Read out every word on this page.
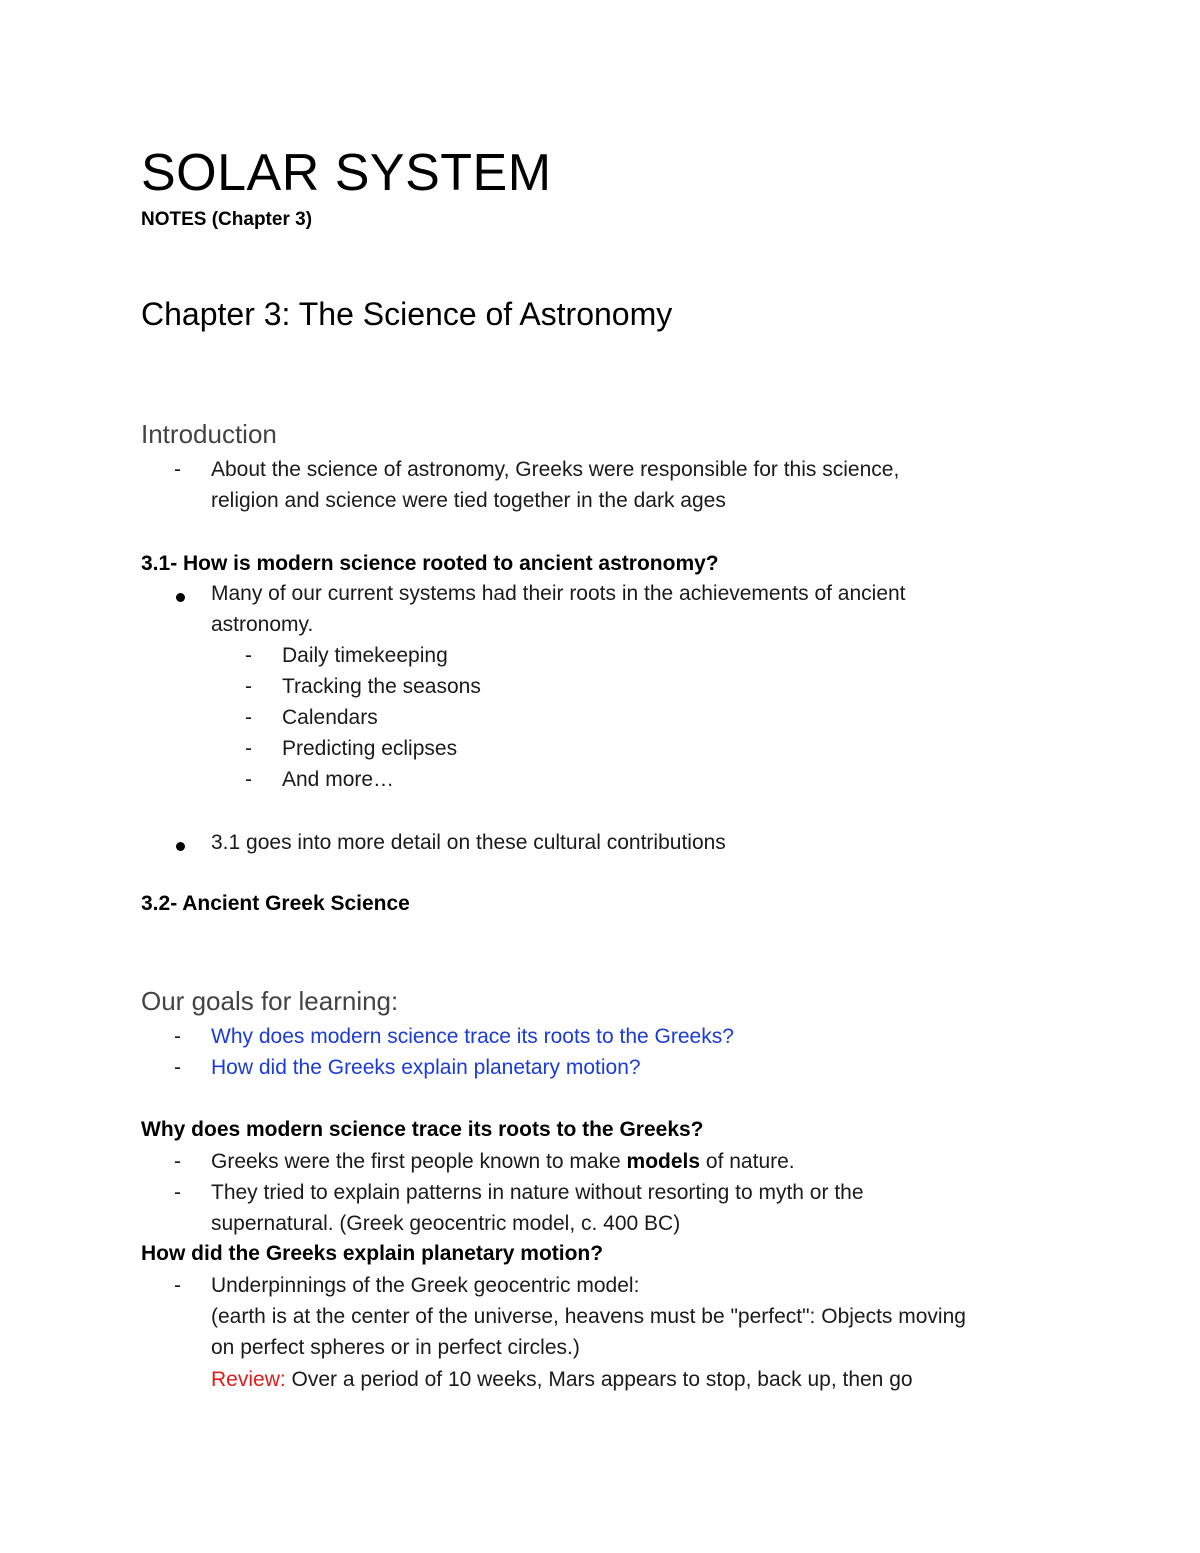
SOLAR SYSTEM
NOTES (Chapter 3)
Chapter 3: The Science of Astronomy
Introduction
- About the science of astronomy, Greeks were responsible for this science,
religion and science were tied together in the dark ages
3.1- How is modern science rooted to ancient astronomy?
Many of our current systems had their roots in the achievements of ancient
astronomy.
- Daily timekeeping
- Tracking the seasons
- Calendars
- Predicting eclipses
- And more…
3.1 goes into more detail on these cultural contributions
3.2- Ancient Greek Science
Our goals for learning:
- Why does modern science trace its roots to the Greeks?
- How did the Greeks explain planetary motion?
Why does modern science trace its roots to the Greeks?
- Greeks were the first people known to make models of nature.
- They tried to explain patterns in nature without resorting to myth or the
supernatural. (Greek geocentric model, c. 400 BC)
How did the Greeks explain planetary motion?
- Underpinnings of the Greek geocentric model:
(earth is at the center of the universe, heavens must be "perfect": Objects moving
on perfect spheres or in perfect circles.)
Review: Over a period of 10 weeks, Mars appears to stop, back up, then go
